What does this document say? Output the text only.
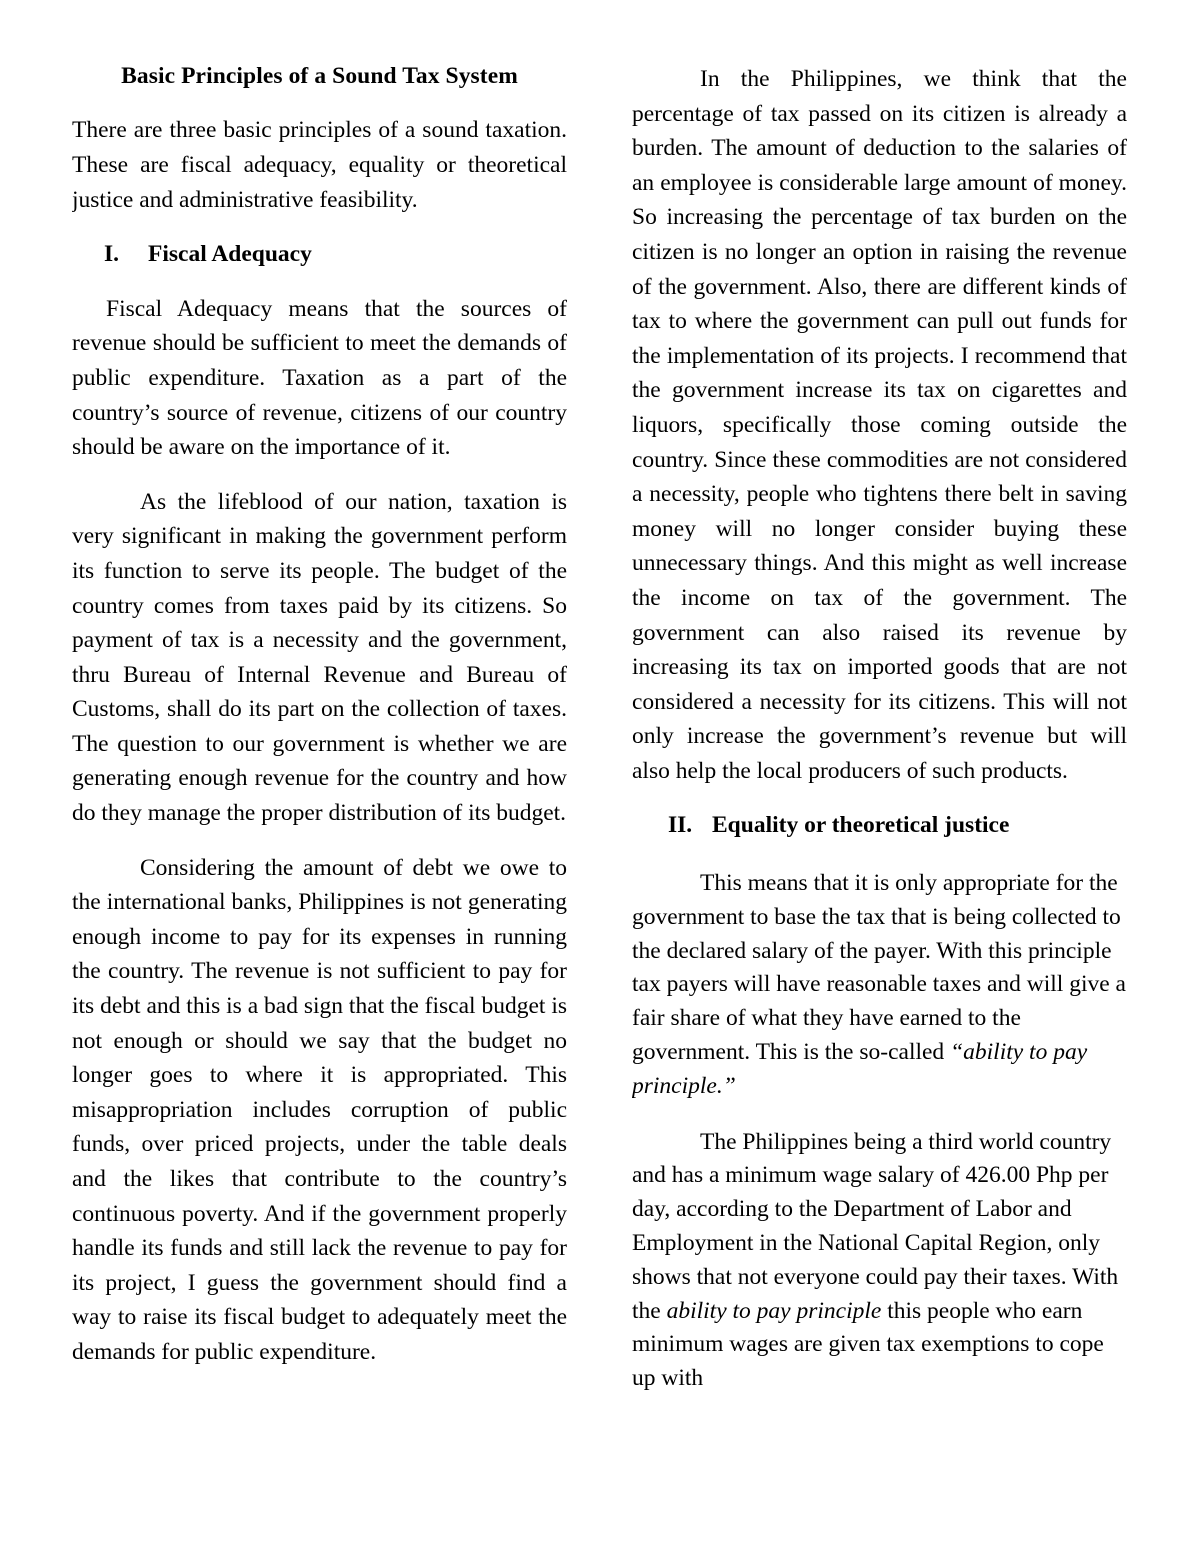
Basic Principles of a Sound Tax System

There are three basic principles of a sound taxation. These are fiscal adequacy, equality or theoretical justice and administrative feasibility.

I.	Fiscal Adequacy

Fiscal Adequacy means that the sources of revenue should be sufficient to meet the demands of public expenditure. Taxation as a part of the country’s source of revenue, citizens of our country should be aware on the importance of it.

As the lifeblood of our nation, taxation is very significant in making the government perform its function to serve its people. The budget of the country comes from taxes paid by its citizens. So payment of tax is a necessity and the government, thru Bureau of Internal Revenue and Bureau of Customs, shall do its part on the collection of taxes. The question to our government is whether we are generating enough revenue for the country and how do they manage the proper distribution of its budget.

Considering the amount of debt we owe to the international banks, Philippines is not generating enough income to pay for its expenses in running the country. The revenue is not sufficient to pay for its debt and this is a bad sign that the fiscal budget is not enough or should we say that the budget no longer goes to where it is appropriated. This misappropriation includes corruption of public funds, over priced projects, under the table deals and the likes that contribute to the country’s continuous poverty. And if the government properly handle its funds and still lack the revenue to pay for its project, I guess the government should find a way to raise its fiscal budget to adequately meet the demands for public expenditure.

In the Philippines, we think that the percentage of tax passed on its citizen is already a burden. The amount of deduction to the salaries of an employee is considerable large amount of money. So increasing the percentage of tax burden on the citizen is no longer an option in raising the revenue of the government. Also, there are different kinds of tax to where the government can pull out funds for the implementation of its projects. I recommend that the government increase its tax on cigarettes and liquors, specifically those coming outside the country. Since these commodities are not considered a necessity, people who tightens there belt in saving money will no longer consider buying these unnecessary things. And this might as well increase the income on tax of the government. The government can also raised its revenue by increasing its tax on imported goods that are not considered a necessity for its citizens. This will not only increase the government’s revenue but will also help the local producers of such products.

II. Equality or theoretical justice

This means that it is only appropriate for the government to base the tax that is being collected to the declared salary of the payer. With this principle tax payers will have reasonable taxes and will give a fair share of what they have earned to the government. This is the so-called “ability to pay principle.”

The Philippines being a third world country and has a minimum wage salary of 426.00 Php per day, according to the Department of Labor and Employment in the National Capital Region, only shows that not everyone could pay their taxes. With the ability to pay principle this people who earn minimum wages are given tax exemptions to cope up with
